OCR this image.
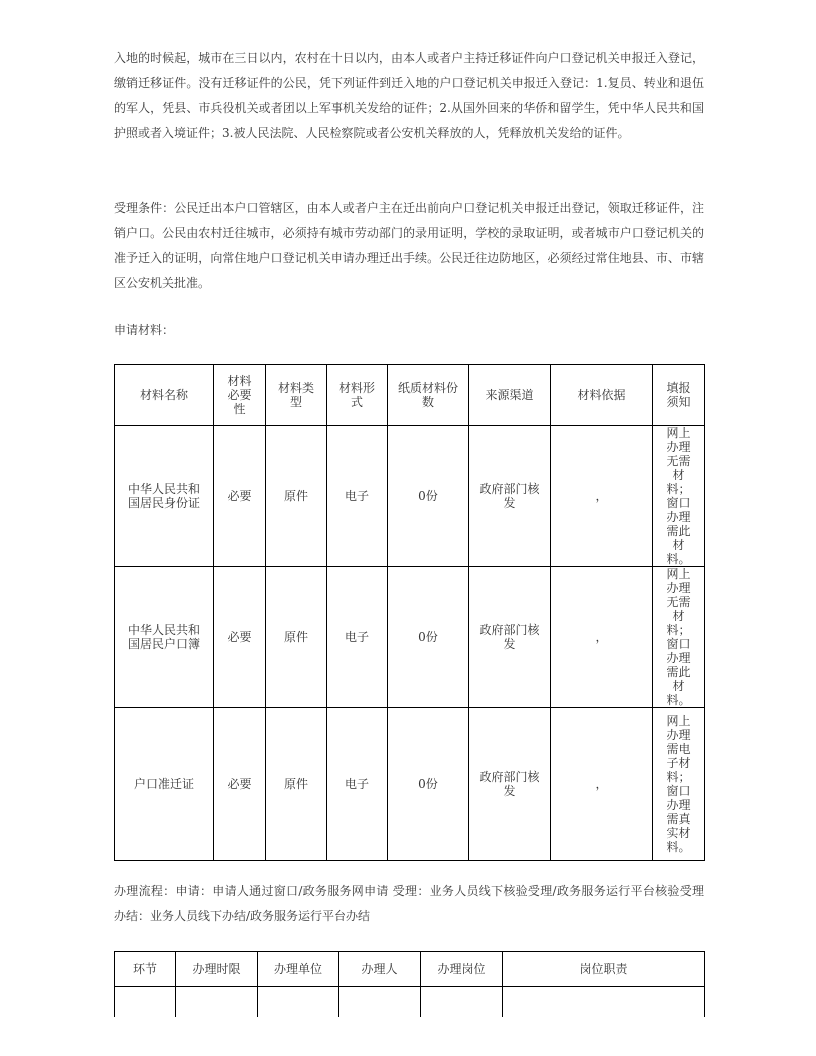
入地的时候起，城市在三日以内，农村在十日以内，由本人或者户主持迁移证件向户口登记机关申报迁入登记，缴销迁移证件。没有迁移证件的公民，凭下列证件到迁入地的户口登记机关申报迁入登记：1.复员、转业和退伍的军人，凭县、市兵役机关或者团以上军事机关发给的证件；2.从国外回来的华侨和留学生，凭中华人民共和国护照或者入境证件；3.被人民法院、人民检察院或者公安机关释放的人，凭释放机关发给的证件。

受理条件：公民迁出本户口管辖区，由本人或者户主在迁出前向户口登记机关申报迁出登记，领取迁移证件，注销户口。公民由农村迁往城市，必须持有城市劳动部门的录用证明，学校的录取证明，或者城市户口登记机关的准予迁入的证明，向常住地户口登记机关申请办理迁出手续。公民迁往边防地区，必须经过常住地县、市、市辖区公安机关批准。

申请材料：

材料名称	材料必要性	材料类型	材料形式	纸质材料份数	来源渠道	材料依据	填报须知
中华人民共和国居民身份证	必要	原件	电子	0份	政府部门核发	，	网上办理无需材料；窗口办理需此材料。
中华人民共和国居民户口簿	必要	原件	电子	0份	政府部门核发	，	网上办理无需材料；窗口办理需此材料。
户口准迁证	必要	原件	电子	0份	政府部门核发	，	网上办理需电子材料；窗口办理需真实材料。

办理流程：申请：申请人通过窗口/政务服务网申请 受理：业务人员线下核验受理/政务服务运行平台核验受理 办结：业务人员线下办结/政务服务运行平台办结

环节	办理时限	办理单位	办理人	办理岗位	岗位职责
